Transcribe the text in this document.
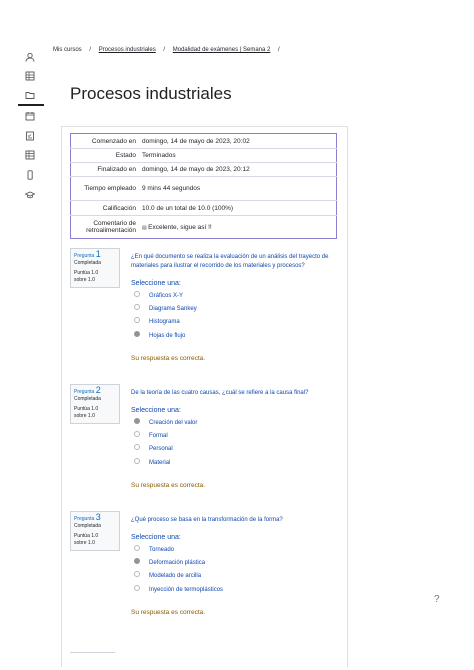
Mis cursos / Procesos industriales / Modalidad de exámenes | Semana 2 /
Procesos industriales
Comenzado en	domingo, 14 de mayo de 2023, 20:02
Estado	Terminados
Finalizado en	domingo, 14 de mayo de 2023, 20:12
Tiempo empleado	9 mins 44 segundos
Calificación	10.0 de un total de 10.0 (100%)
Comentario de retroalimentación	▤ Excelente, sigue así !!
Pregunta 1
Completada
Puntúa 1.0
sobre 1.0
¿En qué documento se realiza la evaluación de un análisis del trayecto de materiales para ilustrar el recorrido de los materiales y procesos?
Seleccione una:
Gráficos X-Y
Diagrama Sankey
Histograma
Hojas de flujo
Su respuesta es correcta.
Pregunta 2
Completada
Puntúa 1.0
sobre 1.0
De la teoría de las cuatro causas, ¿cuál se refiere a la causa final?
Seleccione una:
Creación del valor
Formal
Personal
Material
Su respuesta es correcta.
Pregunta 3
Completada
Puntúa 1.0
sobre 1.0
¿Qué proceso se basa en la transformación de la forma?
Seleccione una:
Torneado
Deformación plástica
Modelado de arcilla
Inyección de termoplásticos
Su respuesta es correcta.
?
